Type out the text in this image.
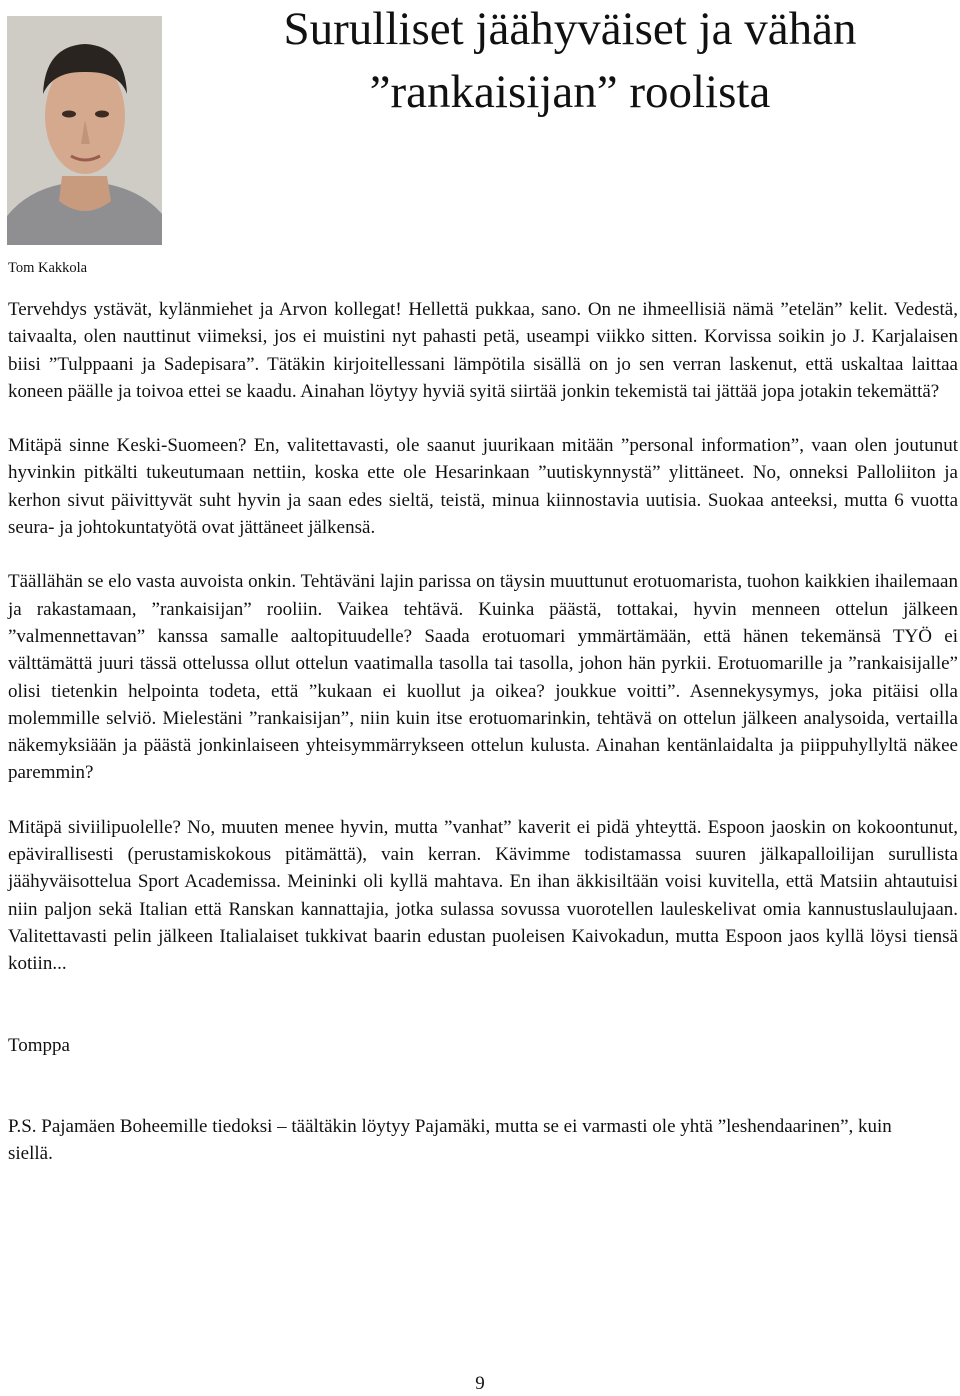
Tom Kakkola
Surulliset jäähyväiset ja vähän
”rankaisijan” roolista

Tervehdys ystävät, kylänmiehet ja Arvon kollegat! Hellettä pukkaa, sano. On ne ihmeellisiä nämä ”etelän” kelit. Vedestä, taivaalta, olen nauttinut viimeksi, jos ei muistini nyt pahasti petä, useampi viikko sitten. Korvissa soikin jo J. Karjalaisen biisi ”Tulppaani ja Sadepisara”. Tätäkin kirjoitellessani lämpötila sisällä on jo sen verran laskenut, että uskaltaa laittaa koneen päälle ja toivoa ettei se kaadu. Ainahan löytyy hyviä syitä siirtää jonkin tekemistä tai jättää jopa jotakin tekemättä?

Mitäpä sinne Keski-Suomeen? En, valitettavasti, ole saanut juurikaan mitään ”personal information”, vaan olen joutunut hyvinkin pitkälti tukeutumaan nettiin, koska ette ole Hesarinkaan ”uutiskynnystä” ylittäneet. No, onneksi Palloliiton ja kerhon sivut päivittyvät suht hyvin ja saan edes sieltä, teistä, minua kiinnostavia uutisia. Suokaa anteeksi, mutta 6 vuotta seura- ja johtokuntatyötä ovat jättäneet jälkensä.

Täällähän se elo vasta auvoista onkin. Tehtäväni lajin parissa on täysin muuttunut erotuomarista, tuohon kaikkien ihailemaan ja rakastamaan, ”rankaisijan” rooliin. Vaikea tehtävä. Kuinka päästä, tottakai, hyvin menneen ottelun jälkeen ”valmennettavan” kanssa samalle aaltopituudelle? Saada erotuomari ymmärtämään, että hänen tekemänsä TYÖ ei välttämättä juuri tässä ottelussa ollut ottelun vaatimalla tasolla tai tasolla, johon hän pyrkii. Erotuomarille ja ”rankaisijalle” olisi tietenkin helpointa todeta, että ”kukaan ei kuollut ja oikea? joukkue voitti”. Asennekysymys, joka pitäisi olla molemmille selviö. Mielestäni ”rankaisijan”, niin kuin itse erotuomarinkin, tehtävä on ottelun jälkeen analysoida, vertailla näkemyksiään ja päästä jonkinlaiseen yhteisymmärrykseen ottelun kulusta. Ainahan kentänlaidalta ja piippuhyllyltä näkee paremmin?

Mitäpä siviilipuolelle? No, muuten menee hyvin, mutta ”vanhat” kaverit ei pidä yhteyttä. Espoon jaoskin on kokoontunut, epävirallisesti (perustamiskokous pitämättä), vain kerran. Kävimme todistamassa suuren jälkapalloilijan surullista jäähyväisottelua Sport Academissa. Meininki oli kyllä mahtava. En ihan äkkisiltään voisi kuvitella, että Matsiin ahtautuisi niin paljon sekä Italian että Ranskan kannattajia, jotka sulassa sovussa vuorotellen lauleskelivat omia kannustuslaulujaan. Valitettavasti pelin jälkeen Italialaiset tukkivat baarin edustan puoleisen Kaivokadun, mutta Espoon jaos kyllä löysi tiensä kotiin...

Tomppa

P.S. Pajamäen Boheemille tiedoksi – täältäkin löytyy Pajamäki, mutta se ei varmasti ole yhtä ”leshendaarinen”, kuin siellä.

9
